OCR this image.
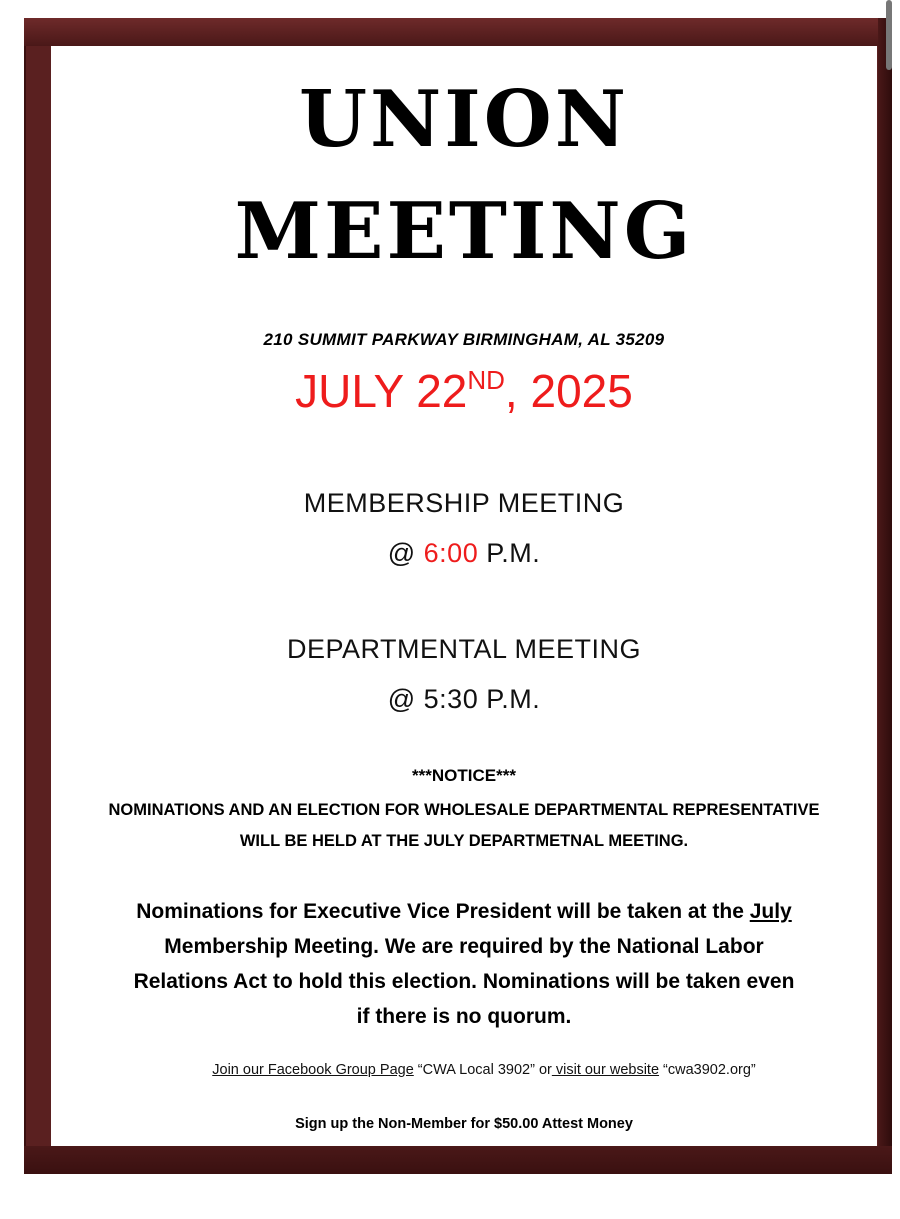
UNION
MEETING
210 SUMMIT PARKWAY BIRMINGHAM, AL 35209
JULY 22ND, 2025
MEMBERSHIP MEETING
@ 6:00 P.M.
DEPARTMENTAL MEETING
@ 5:30 P.M.
***NOTICE***
NOMINATIONS AND AN ELECTION FOR WHOLESALE DEPARTMENTAL REPRESENTATIVE
WILL BE HELD AT THE JULY DEPARTMETNAL MEETING.
Nominations for Executive Vice President will be taken at the July
Membership Meeting. We are required by the National Labor
Relations Act to hold this election. Nominations will be taken even
if there is no quorum.
Join our Facebook Group Page “CWA Local 3902” or visit our website “cwa3902.org”
Sign up the Non-Member for $50.00 Attest Money
